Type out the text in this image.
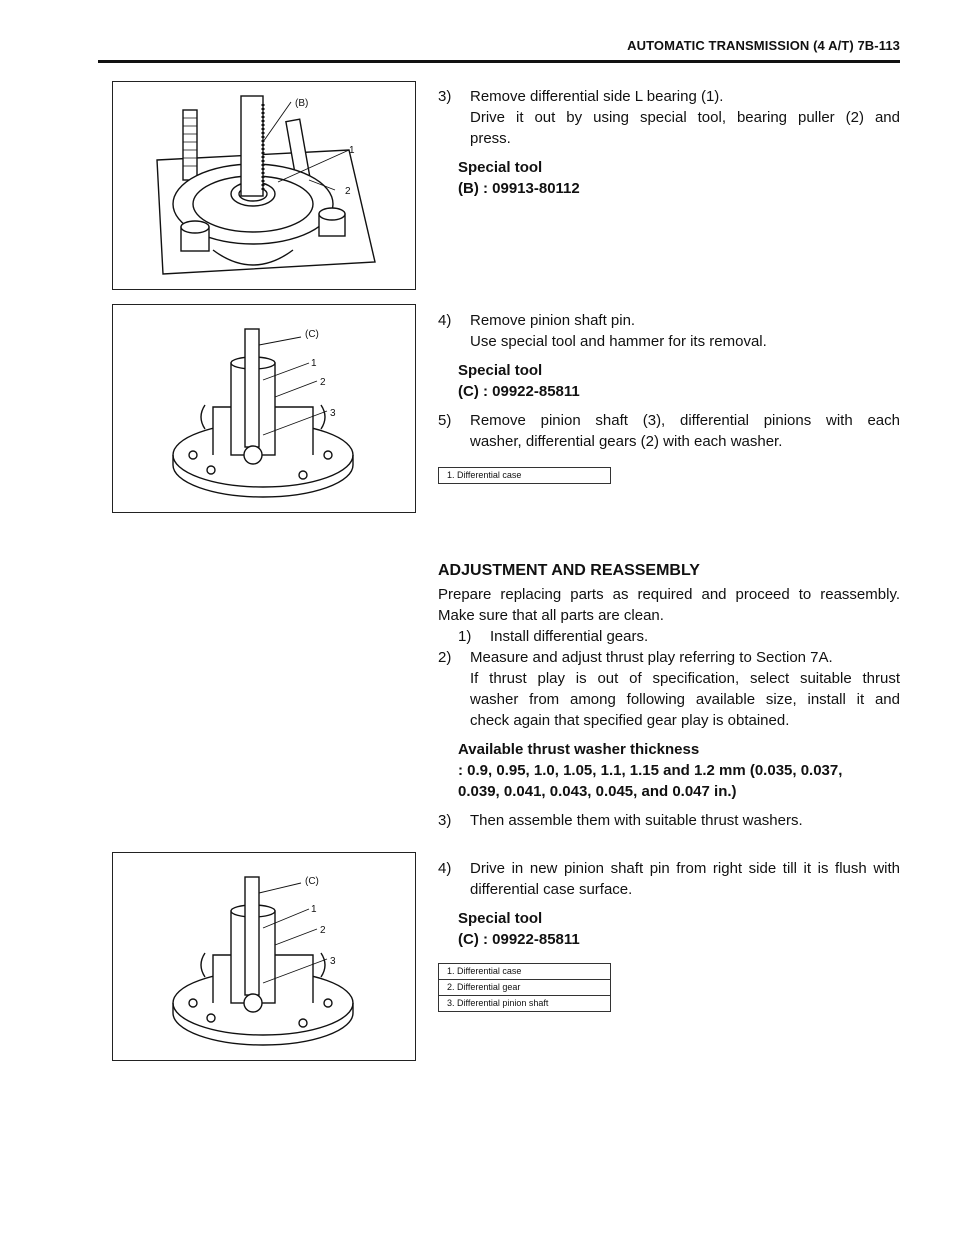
AUTOMATIC TRANSMISSION (4 A/T) 7B-113
(B)
1
2
(C)
1
2
3
(C)
1
2
3
3) Remove differential side L bearing (1).
Drive it out by using special tool, bearing puller (2) and
press.
Special tool
(B) : 09913-80112
4) Remove pinion shaft pin.
Use special tool and hammer for its removal.
Special tool
(C) : 09922-85811
5) Remove pinion shaft (3), differential pinions with each
washer, differential gears (2) with each washer.
1. Differential case
ADJUSTMENT AND REASSEMBLY
Prepare replacing parts as required and proceed to reassembly.
Make sure that all parts are clean.
1) Install differential gears.
2) Measure and adjust thrust play referring to Section 7A.
If thrust play is out of specification, select suitable thrust
washer from among following available size, install it and
check again that specified gear play is obtained.
Available thrust washer thickness
: 0.9, 0.95, 1.0, 1.05, 1.1, 1.15 and 1.2 mm (0.035, 0.037,
0.039, 0.041, 0.043, 0.045, and 0.047 in.)
3) Then assemble them with suitable thrust washers.
4) Drive in new pinion shaft pin from right side till it is flush with
differential case surface.
Special tool
(C) : 09922-85811
1. Differential case
2. Differential gear
3. Differential pinion shaft
